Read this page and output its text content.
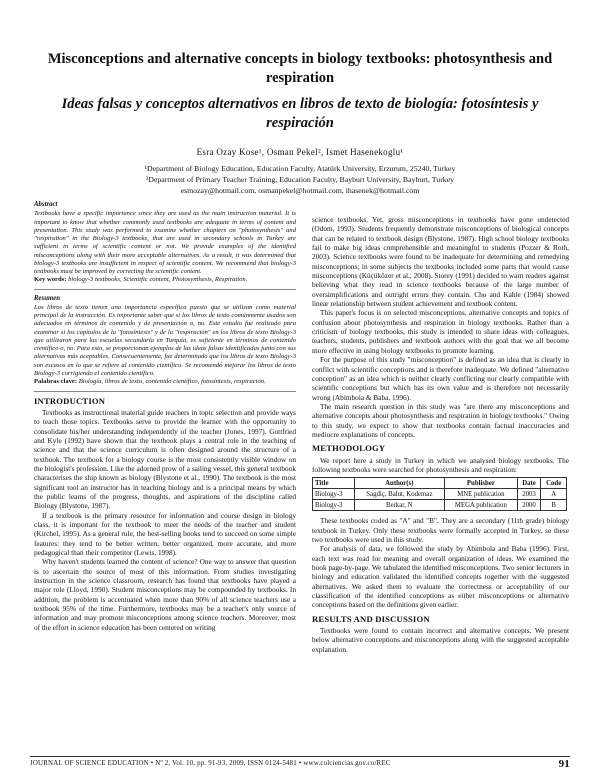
Misconceptions and alternative concepts in biology textbooks: photosynthesis and respiration
Ideas falsas y conceptos alternativos en libros de texto de biología: fotosíntesis y respiración
Esra Ozay Kose¹, Osman Pekel², Ismet Hasenekoglu¹
¹Department of Biology Education, Education Faculty, Atatürk University, Erzurum, 25240, Turkey
²Department of Primary Teacher Training, Education Faculty, Bayburt University, Bayburt, Turkey
esmozay@hotmail.com, osmanpekel@hotmail.com, ihasenek@hotmail.com
Abstract

Textbooks have a specific importance since they are used as the main instruction material. It is important to know that whether commonly used textbooks are adequate in terms of content and presentation. This study was performed to examine whether chapters on "photosynthesis" and "respiration" in the Biology-3 textbooks, that are used in secondary schools in Turkey are sufficient in terms of scientific content or not. We provide examples of the identified misconceptions along with their more acceptable alternatives. As a result, it was determined that biology-3 textbooks are insufficient in respect of scientific content. We recommend that biology-3 textbooks must be improved by correcting the scientific content.

Key words: biology-3 textbooks, Scientific content, Photosynthesis, Respiration.

Resumen

Los libros de texto tienen una importancia específica puesto que se utilizan como material principal de la instrucción. Es importante saber que si los libros de texto comúnmente usados son adecuados en términos de contenido y de presentación o, no. Este estudio fue realizado para examinar si los capítulos de la "fotosíntesis" y de la "respiración" en los libros de texto Biology-3 que utilizaron para las escuelas secundaria en Turquía, es suficiente en términos de contenido científico o, no. Para esto, se proporcionan ejemplos de las ideas falsas identificadas junto con sus alternativas más aceptables. Consecuentemente, fue determinado que los libros de texto Biology-3 son escasos en lo que se refiere al contenido científico. Se recomendó mejorar los libros de texto Biology-3 corrigiendo el contenido científico.

Palabras clave: Biología, libros de texto, contenido científico, fotosíntesis, respiración.

INTRODUCTION

Textbooks as instructional material guide teachers in topic selection and provide ways to teach those topics. Textbooks serve to provide the learner with the opportunity to consolidate his/her understanding independently of the teacher (Jones, 1997). Gottfried and Kyle (1992) have shown that the textbook plays a central role in the teaching of science and that the science curriculum is often designed around the structure of a textbook. The textbook for a biology course is the most consistently visible window on the biologist's profession. Like the adorned prow of a sailing vessel, this general textbook characterises the ship known as biology (Blystone et al., 1990). The textbook is the most significant tool an instructor has in teaching biology and is a principal means by which the public learns of the progress, thoughts, and aspirations of the discipline called Biology (Blystone, 1987).

If a textbook is the primary resource for information and course design in biology class, it is important for the textbook to meet the needs of the teacher and student (Kirchel, 1995). As a general rule, the best-selling books tend to succeed on some simple features: they tend to be better written, better organized, more accurate, and more pedagogical than their competitor (Lewis, 1998).

Why haven't students learned the content of science? One way to answer that question is to ascertain the source of most of this information. From studies investigating instruction in the science classroom, research has found that textbooks have played a major role (Lloyd, 1990). Student misconceptions may be compounded by textbooks. In addition, the problem is accentuated when more than 90% of all science teachers use a textbook 95% of the time. Furthermore, textbooks may be a teacher's only source of information and may promote misconceptions among science teachers. Moreover, most of the effort in science education has been centered on writing

science textbooks. Yet, gross misconceptions in textbooks have gone undetected (Odom, 1993). Students frequently demonstrate misconceptions of biological concepts that can be related to textbook design (Blystone, 1987). High school biology textbooks fail to make big ideas comprehensible and meaningful to students (Pozzer & Roth, 2003). Science textbooks were found to be inadequate for determining and remedying misconceptions; in some subjects the textbooks included some parts that would cause misconceptions (Küçüközer et al., 2008). Storey (1991) decided to warn readers against believing what they read in science textbooks because of the large number of oversimplifications and outright errors they contain. Cho and Kahle (1984) showed linear relationship between student achievement and textbook content.

This paper's focus is on selected misconceptions, alternative concepts and topics of confusion about photosynthesis and respiration in biology textbooks. Rather than a criticism of biology textbooks, this study is intended to share ideas with colleagues, teachers, students, publishers and textbook authors with the goal that we all become more effective in using biology textbooks to promote learning.

For the purpose of this study "misconception" is defined as an idea that is clearly in conflict with scientific conceptions and is therefore inadequate. We defined "alternative conception" as an idea which is neither clearly conflicting nor clearly compatible with scientific conceptions but which has its own value and is therefore not necessarily wrong (Abimbola & Baba, 1996).

The main research question in this study was "are there any misconceptions and alternative concepts about photosynthesis and respiration in biology textbooks." Owing to this study, we expect to show that textbooks contain factual inaccuracies and mediocre explanations of concepts.

METHODOLOGY

We report here a study in Turkey in which we analysed biology textbooks. The following textbooks were searched for photosynthesis and respiration:

Title	Author(s)	Publisher	Date	Code
Biology-3	Sagdiç, Balut, Kodemaz	MNE publication	2003	A
Biology-3	Berkar, N	MEGA publication	2000	B

These textbooks coded as "A" and "B". They are a secondary (11th grade) biology textbook in Turkey. Only these textbooks were formally accepted in Turkey, so these two textbooks were used in this study.

For analysis of data, we followed the study by Abimbola and Baba (1996). First, each text was read for meaning and overall organization of ideas. We examined the book page-by-page. We tabulated the identified misconceptions. Two senior lecturers in biology and education validated the identified concepts together with the suggested alternatives. We asked them to evaluate the correctness or acceptability of our classification of the identified conceptions as either misconceptions or alternative conceptions based on the definitions given earlier.

RESULTS AND DISCUSSION

Textbooks were found to contain incorrect and alternative concepts. We present below alternative conceptions and misconceptions along with the suggested acceptable explanation.

JOURNAL OF SCIENCE EDUCATION • Nº 2, Vol. 10, pp. 91-93, 2009, ISSN 0124-5481 • www.colciencias.gov.co/REC	91
